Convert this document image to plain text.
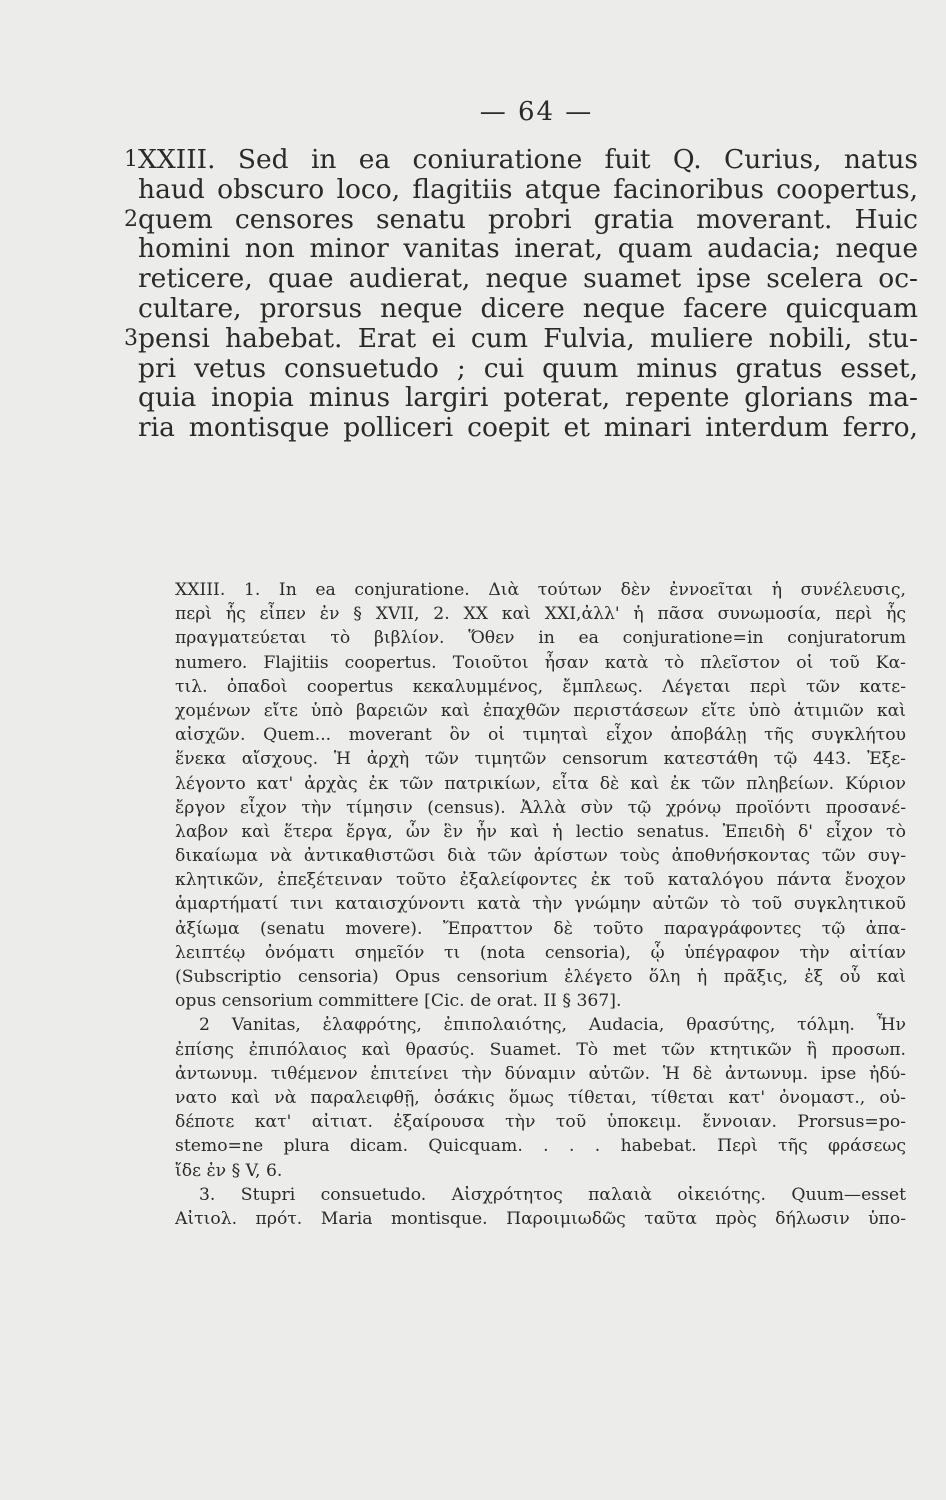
— 64 —
1 XXIII. Sed in ea coniuratione fuit Q. Curius, natus
haud obscuro loco, flagitiis atque facinoribus coopertus,
2 quem censores senatu probri gratia moverant. Huic
homini non minor vanitas inerat, quam audacia; neque
reticere, quae audierat, neque suamet ipse scelera oc-
cultare, prorsus neque dicere neque facere quicquam
3 pensi habebat. Erat ei cum Fulvia, muliere nobili, stu-
pri vetus consuetudo ; cui quum minus gratus esset,
quia inopia minus largiri poterat, repente glorians ma-
ria montisque polliceri coepit et minari interdum ferro,
XXIII. 1. In ea conjuratione. Διὰ τούτων δὲν ἐννοεῖται ἡ συνέλευσις,
περὶ ἧς εἶπεν ἐν § XVII, 2. XX καὶ XXI,ἀλλ' ἡ πᾶσα συνωμοσία, περὶ ἧς
πραγματεύεται τὸ βιβλίον. Ὅθεν in ea conjuratione=in conjuratorum
numero. Flajitiis coopertus. Τοιοῦτοι ἦσαν κατὰ τὸ πλεῖστον οἱ τοῦ Κα-
τιλ. ὀπαδοὶ coopertus κεκαλυμμένος, ἔμπλεως. Λέγεται περὶ τῶν κατε-
χομένων εἴτε ὑπὸ βαρειῶν καὶ ἐπαχθῶν περιστάσεων εἴτε ὑπὸ ἀτιμιῶν καὶ
αἰσχῶν. Quem... moverant ὃν οἱ τιμηταὶ εἶχον ἀποβάλῃ τῆς συγκλήτου
ἕνεκα αἴσχους. Ἡ ἀρχὴ τῶν τιμητῶν censorum κατεστάθη τῷ 443. Ἐξε-
λέγοντο κατ' ἀρχὰς ἐκ τῶν πατρικίων, εἶτα δὲ καὶ ἐκ τῶν πληβείων. Κύριον
ἔργον εἶχον τὴν τίμησιν (census). Ἀλλὰ σὺν τῷ χρόνῳ προϊόντι προσανέ-
λαβον καὶ ἕτερα ἔργα, ὧν ἓν ἦν καὶ ἡ lectio senatus. Ἐπειδὴ δ' εἶχον τὸ
δικαίωμα νὰ ἀντικαθιστῶσι διὰ τῶν ἀρίστων τοὺς ἀποθνήσκοντας τῶν συγ-
κλητικῶν, ἐπεξέτειναν τοῦτο ἐξαλείφοντες ἐκ τοῦ καταλόγου πάντα ἔνοχον
ἁμαρτήματί τινι καταισχύνοντι κατὰ τὴν γνώμην αὐτῶν τὸ τοῦ συγκλητικοῦ
ἀξίωμα (senatu movere). Ἔπραττον δὲ τοῦτο παραγράφοντες τῷ ἀπα-
λειπτέῳ ὀνόματι σημεῖόν τι (nota censoria), ᾧ ὑπέγραφον τὴν αἰτίαν
(Subscriptio censoria) Opus censorium ἐλέγετο ὅλη ἡ πρᾶξις, ἐξ οὗ καὶ
opus censorium committere [Cic. de orat. II § 367].
2 Vanitas, ἐλαφρότης, ἐπιπολαιότης, Audacia, θρασύτης, τόλμη. Ἦν
ἐπίσης ἐπιπόλαιος καὶ θρασύς. Suamet. Τὸ met τῶν κτητικῶν ἢ προσωπ.
ἀντωνυμ. τιθέμενον ἐπιτείνει τὴν δύναμιν αὐτῶν. Ἡ δὲ ἀντωνυμ. ipse ἠδύ-
νατο καὶ νὰ παραλειφθῇ, ὁσάκις ὅμως τίθεται, τίθεται κατ' ὀνομαστ., οὐ-
δέποτε κατ' αἰτιατ. ἐξαίρουσα τὴν τοῦ ὑποκειμ. ἔννοιαν. Prorsus=po-
stemo=ne plura dicam. Quicquam. . . . habebat. Περὶ τῆς φράσεως
ἴδε ἐν § V, 6.
3. Stupri consuetudo. Αἰσχρότητος παλαιὰ οἰκειότης. Quum—esset
Αἰτιολ. πρότ. Maria montisque. Παροιμιωδῶς ταῦτα πρὸς δήλωσιν ὑπο-
